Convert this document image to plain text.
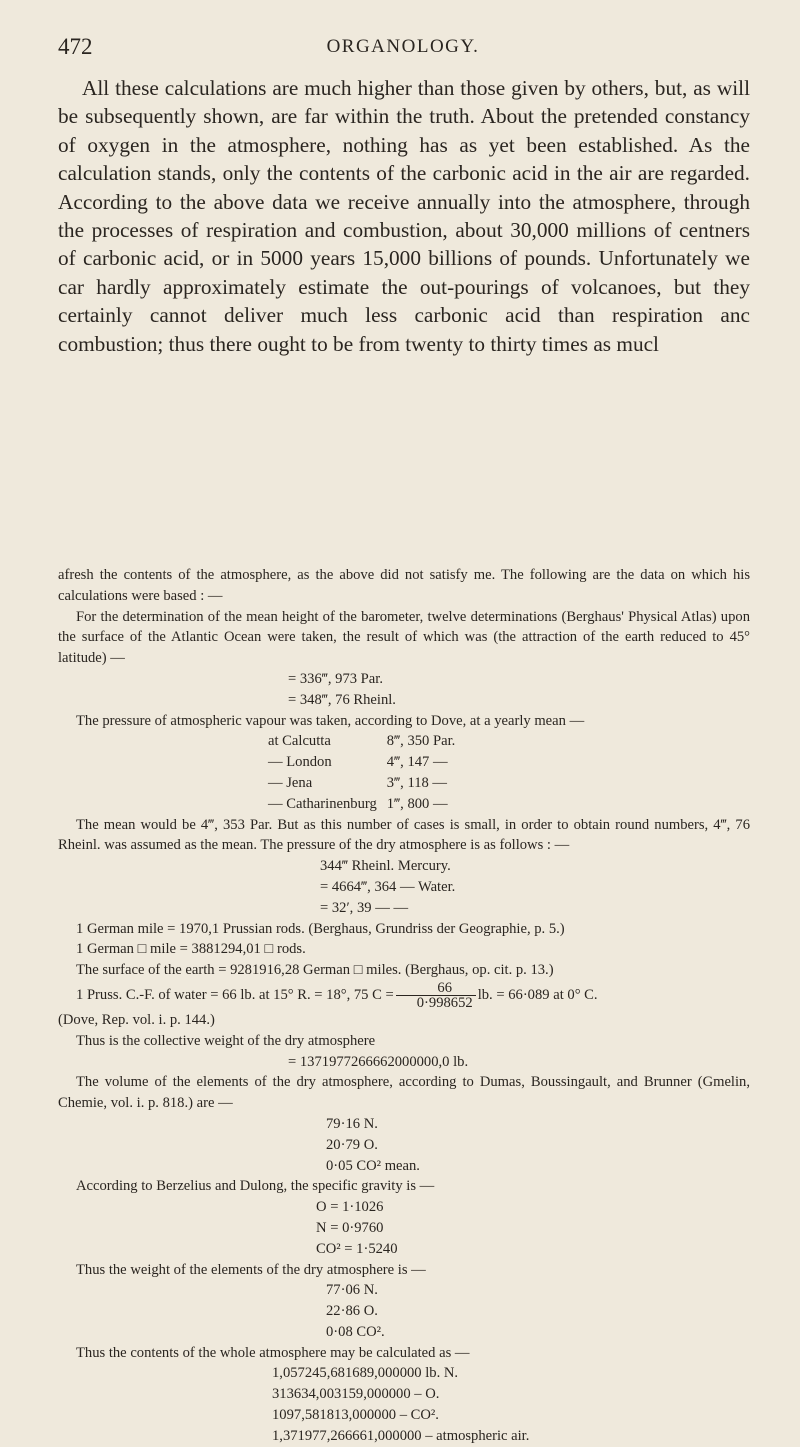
472	ORGANOLOGY.

All these calculations are much higher than those given by others, but, as will be subsequently shown, are far within the truth. About the pretended constancy of oxygen in the atmosphere, nothing has as yet been established. As the calculation stands, only the contents of the carbonic acid in the air are regarded. According to the above data we receive annually into the atmosphere, through the processes of respiration and combustion, about 30,000 millions of centners of carbonic acid, or in 5000 years 15,000 billions of pounds. Unfortunately we car hardly approximately estimate the out-pourings of volcanoes, but they certainly cannot deliver much less carbonic acid than respiration anc combustion; thus there ought to be from twenty to thirty times as mucl

afresh the contents of the atmosphere, as the above did not satisfy me. The following are the data on which his calculations were based : —

For the determination of the mean height of the barometer, twelve determinations (Berghaus' Physical Atlas) upon the surface of the Atlantic Ocean were taken, the result of which was (the attraction of the earth reduced to 45° latitude) —

= 336‴, 973 Par.

= 348‴, 76 Rheinl.

The pressure of atmospheric vapour was taken, according to Dove, at a yearly mean —

at Calcutta	8‴, 350 Par.
— London	4‴, 147 —
— Jena	3‴, 118 —
— Catharinenburg	1‴, 800 —

The mean would be 4‴, 353 Par. But as this number of cases is small, in order to obtain round numbers, 4‴, 76 Rheinl. was assumed as the mean. The pressure of the dry atmosphere is as follows : —

344‴ Rheinl. Mercury.

= 4664‴, 364 — Water.

= 32′, 39 — —

1 German mile = 1970,1 Prussian rods. (Berghaus, Grundriss der Geographie, p. 5.)

1 German □ mile = 3881294,01 □ rods.

The surface of the earth = 9281916,28 German □ miles. (Berghaus, op. cit. p. 13.)

1 Pruss. C.-F. of water = 66 lb. at 15° R. = 18°, 75 $C = \frac{66}{0\cdot 998652}$ lb. = 66·089 at 0° C.

(Dove, Rep. vol. i. p. 144.)

Thus is the collective weight of the dry atmosphere

= 1371977266662000000,0 lb.

The volume of the elements of the dry atmosphere, according to Dumas, Boussingault, and Brunner (Gmelin, Chemie, vol. i. p. 818.) are —

79·16 N.

20·79 O.

0·05 CO² mean.

According to Berzelius and Dulong, the specific gravity is —

O = 1·1026

N = 0·9760

CO² = 1·5240

Thus the weight of the elements of the dry atmosphere is —

77·06 N.

22·86 O.

0·08 CO².

Thus the contents of the whole atmosphere may be calculated as —

1,057245,681689,000000 lb. N.

313634,003159,000000 – O.

1097,581813,000000 – CO².

1,371977,266661,000000 – atmospheric air.
